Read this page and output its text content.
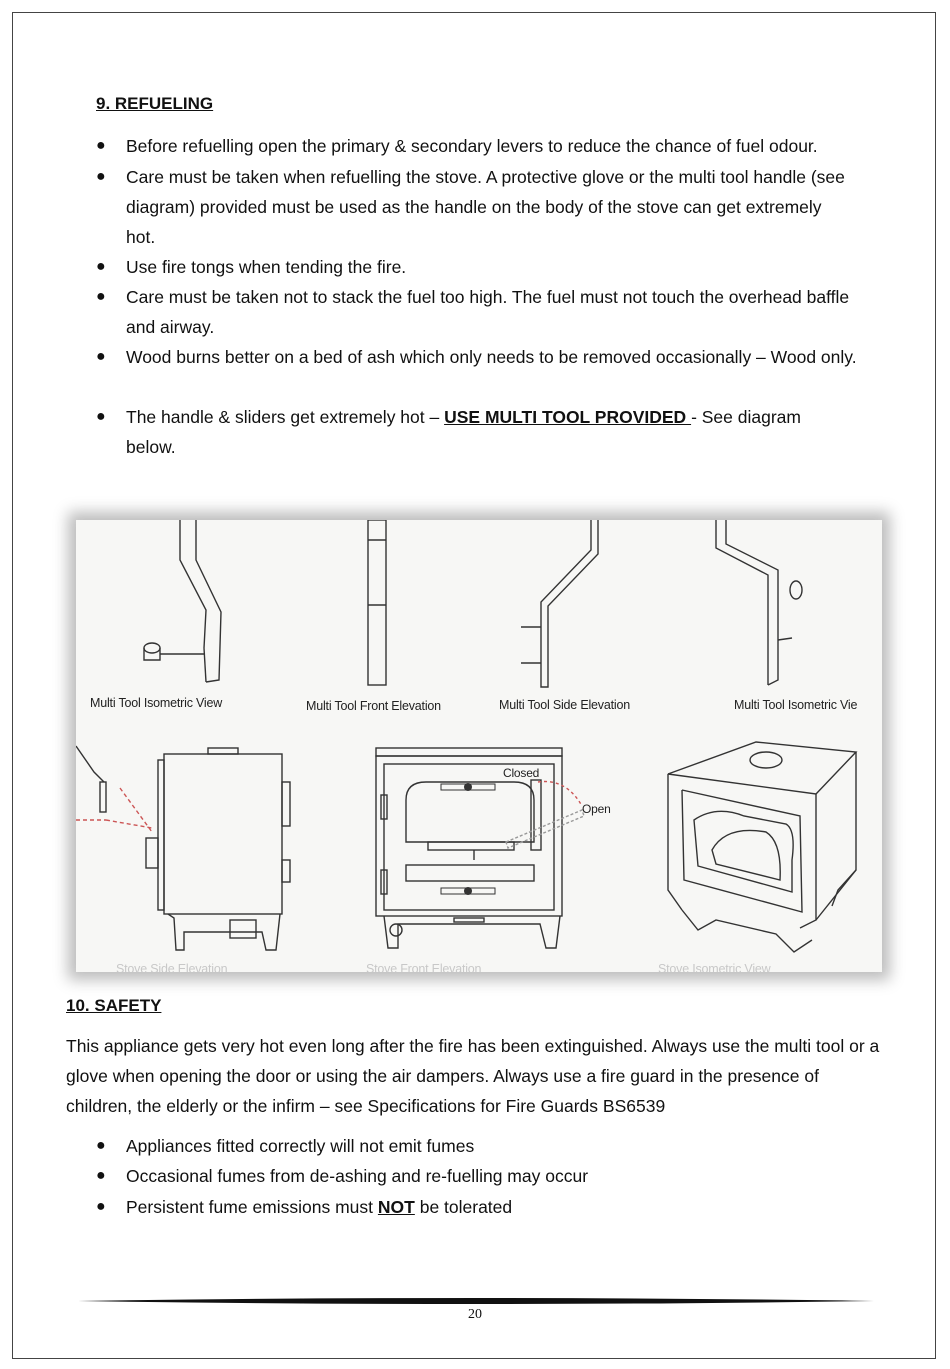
9. REFUELING
● Before refuelling open the primary & secondary levers to reduce the chance of fuel odour.
● Care must be taken when refuelling the stove. A protective glove or the multi tool handle (see diagram) provided must be used as the handle on the body of the stove can get extremely hot.
● Use fire tongs when tending the fire.
● Care must be taken not to stack the fuel too high. The fuel must not touch the overhead baffle and airway.
● Wood burns better on a bed of ash which only needs to be removed occasionally – Wood only.
● The handle & sliders get extremely hot – USE MULTI TOOL PROVIDED - See diagram below.
Multi Tool Isometric View	Multi Tool Front Elevation	Multi Tool Side Elevation	Multi Tool Isometric Vie
Closed
Open
Stove Side Elevation	Stove Front Elevation	Stove Isometric View
10. SAFETY
This appliance gets very hot even long after the fire has been extinguished. Always use the multi tool or a glove when opening the door or using the air dampers. Always use a fire guard in the presence of children, the elderly or the infirm – see Specifications for Fire Guards BS6539
● Appliances fitted correctly will not emit fumes
● Occasional fumes from de-ashing and re-fuelling may occur
● Persistent fume emissions must NOT be tolerated
20
